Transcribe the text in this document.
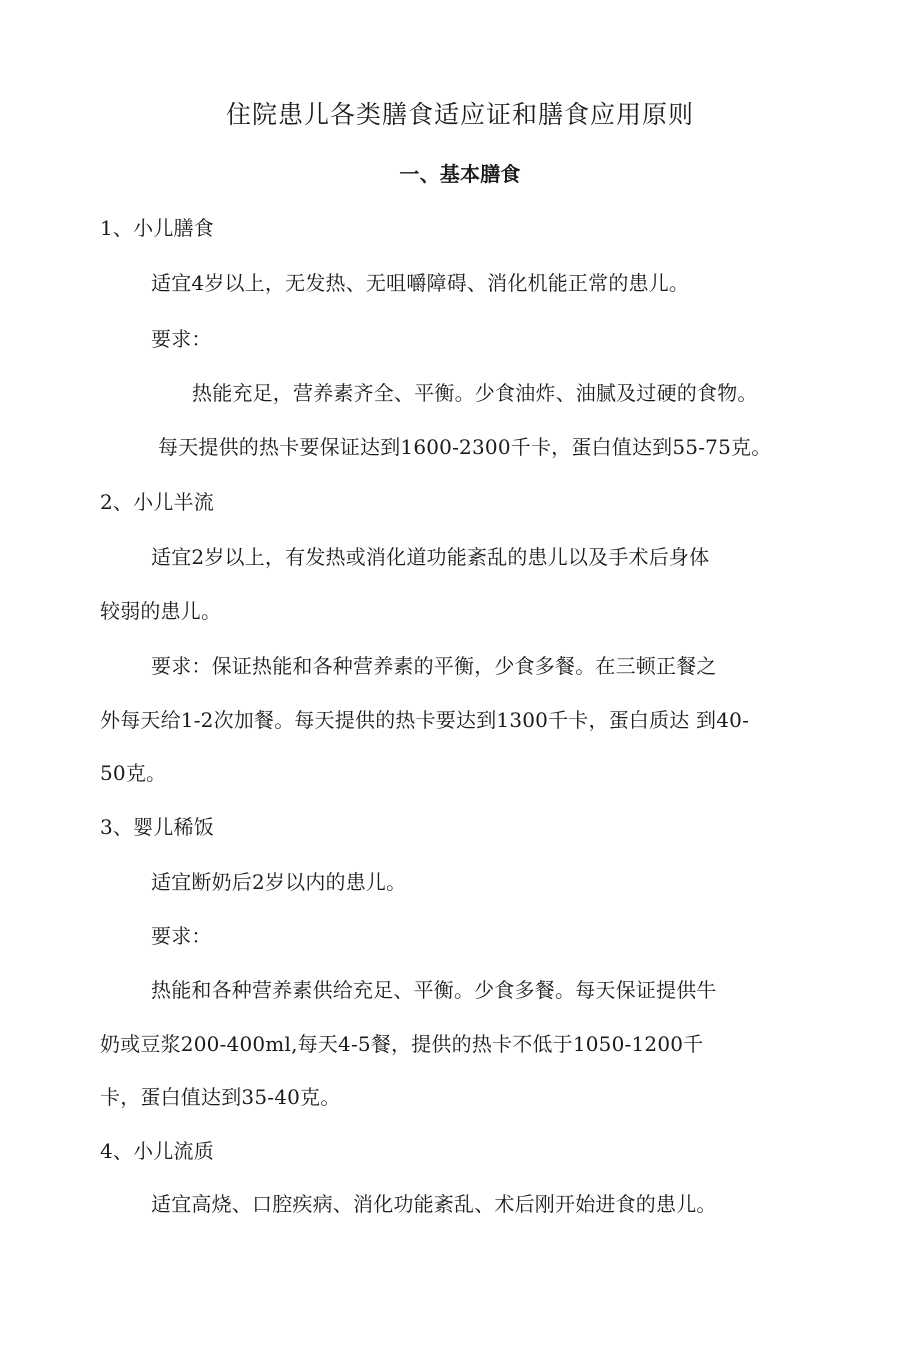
住院患儿各类膳食适应证和膳食应用原则
一、基本膳食
1、小儿膳食
适宜4岁以上，无发热、无咀嚼障碍、消化机能正常的患儿。
要求：
热能充足，营养素齐全、平衡。少食油炸、油腻及过硬的食物。
每天提供的热卡要保证达到1600-2300千卡，蛋白值达到55-75克。
2、小儿半流
适宜2岁以上，有发热或消化道功能紊乱的患儿以及手术后身体
较弱的患儿。
要求：保证热能和各种营养素的平衡，少食多餐。在三顿正餐之
外每天给1-2次加餐。每天提供的热卡要达到1300千卡，蛋白质达 到40-
50克。
3、婴儿稀饭
适宜断奶后2岁以内的患儿。
要求：
热能和各种营养素供给充足、平衡。少食多餐。每天保证提供牛
奶或豆浆200-400ml,每天4-5餐，提供的热卡不低于1050-1200千
卡，蛋白值达到35-40克。
4、小儿流质
适宜高烧、口腔疾病、消化功能紊乱、术后刚开始进食的患儿。
